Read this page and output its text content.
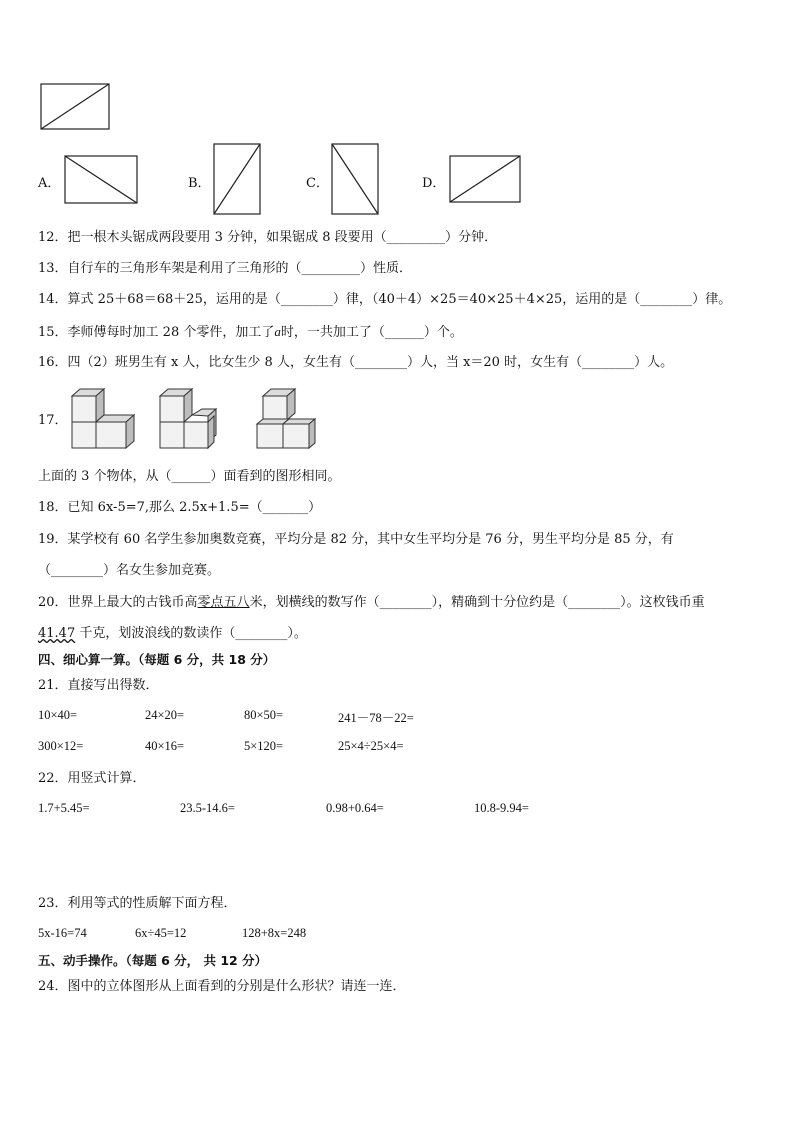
A．	B．	C．	D．
12．把一根木头锯成两段要用 3 分钟，如果锯成 8 段要用（_________）分钟．
13．自行车的三角形车架是利用了三角形的（_________）性质．
14．算式 25＋68＝68＋25，运用的是（________）律，（40＋4）×25＝40×25＋4×25，运用的是（________）律。
15．李师傅每时加工 28 个零件，加工了a时，一共加工了（______）个。
16．四（2）班男生有 x 人，比女生少 8 人，女生有（________）人，当 x＝20 时，女生有（________）人。
17．
上面的 3 个物体，从（______）面看到的图形相同。
18．已知 6x-5=7,那么 2.5x+1.5=（_______）
19．某学校有 60 名学生参加奥数竞赛，平均分是 82 分，其中女生平均分是 76 分，男生平均分是 85 分，有
（________）名女生参加竞赛。
20．世界上最大的古钱币高零点五八米，划横线的数写作（________），精确到十分位约是（________）。这枚钱币重
41.47 千克，划波浪线的数读作（________）。
四、细心算一算。（每题 6 分，共 18 分）
21．直接写出得数．
10×40=	24×20=	80×50=	241－78－22=
300×12=	40×16=	5×120=	25×4÷25×4=
22．用竖式计算．
1.7+5.45=	23.5-14.6=	0.98+0.64=	10.8-9.94=
23．利用等式的性质解下面方程．
5x-16=74	6x÷45=12	128+8x=248
五、动手操作。（每题 6 分， 共 12 分）
24．图中的立体图形从上面看到的分别是什么形状？请连一连．
